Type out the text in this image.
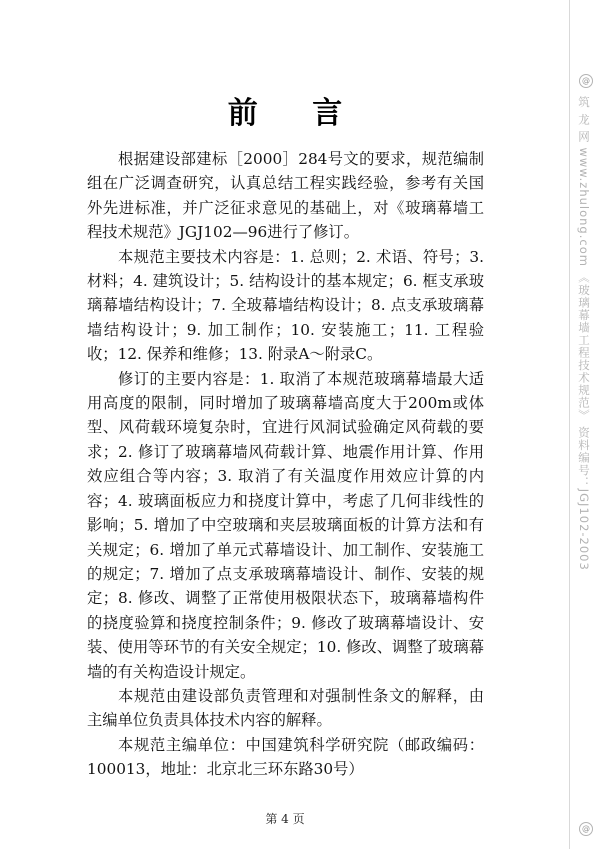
前 言

根据建设部建标［2000］284号文的要求，规范编制组在广泛调查研究，认真总结工程实践经验，参考有关国外先进标准，并广泛征求意见的基础上，对《玻璃幕墙工程技术规范》JGJ102—96进行了修订。

本规范主要技术内容是：1. 总则；2. 术语、符号；3. 材料；4. 建筑设计；5. 结构设计的基本规定；6. 框支承玻璃幕墙结构设计；7. 全玻幕墙结构设计；8. 点支承玻璃幕墙结构设计；9. 加工制作；10. 安装施工；11. 工程验收；12. 保养和维修；13. 附录A～附录C。

修订的主要内容是：1. 取消了本规范玻璃幕墙最大适用高度的限制，同时增加了玻璃幕墙高度大于200m或体型、风荷载环境复杂时，宜进行风洞试验确定风荷载的要求；2. 修订了玻璃幕墙风荷载计算、地震作用计算、作用效应组合等内容；3. 取消了有关温度作用效应计算的内容；4. 玻璃面板应力和挠度计算中，考虑了几何非线性的影响；5. 增加了中空玻璃和夹层玻璃面板的计算方法和有关规定；6. 增加了单元式幕墙设计、加工制作、安装施工的规定；7. 增加了点支承玻璃幕墙设计、制作、安装的规定；8. 修改、调整了正常使用极限状态下，玻璃幕墙构件的挠度验算和挠度控制条件；9. 修改了玻璃幕墙设计、安装、使用等环节的有关安全规定；10. 修改、调整了玻璃幕墙的有关构造设计规定。

本规范由建设部负责管理和对强制性条文的解释，由主编单位负责具体技术内容的解释。

本规范主编单位：中国建筑科学研究院（邮政编码：100013，地址：北京北三环东路30号）

第 4 页
@
筑 龙 网 www.zhulong.com 《玻璃幕墙工程技术规范》 资料编号：JGJ102-2003
@
